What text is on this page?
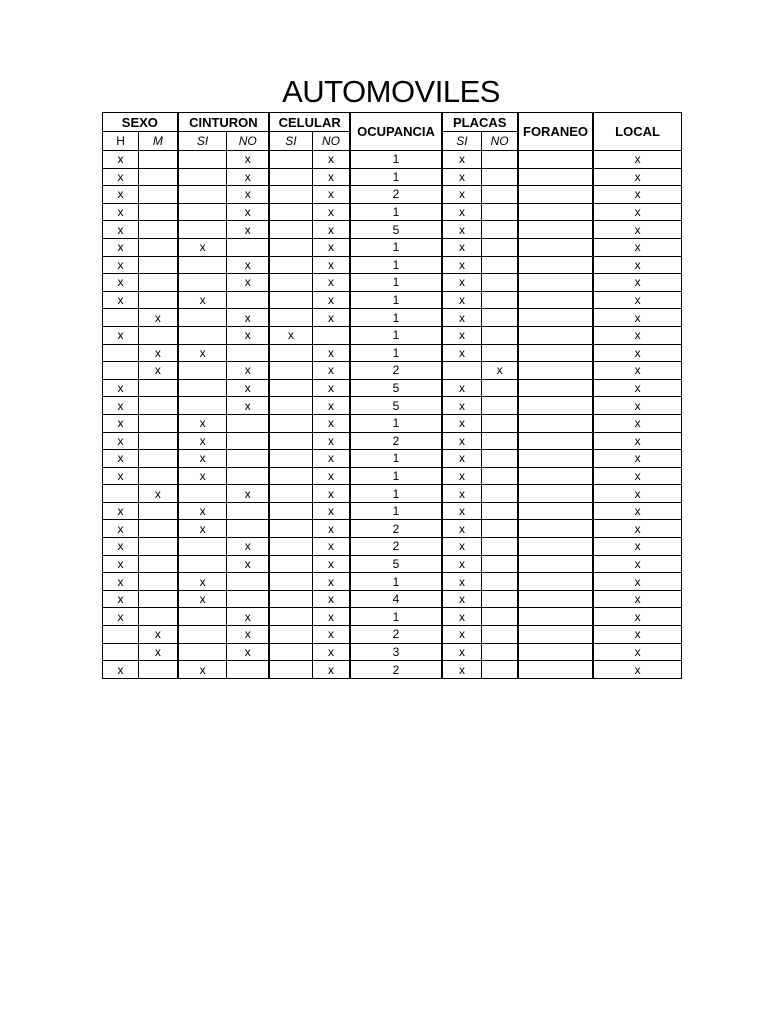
AUTOMOVILES
SEXO		CINTURON		CELULAR		OCUPANCIA	PLACAS		FORANEO	LOCAL
H	M	SI	NO	SI	NO		SI	NO		
x			x		x	1	x			x
x			x		x	1	x			x
x			x		x	2	x			x
x			x		x	1	x			x
x			x		x	5	x			x
x		x			x	1	x			x
x			x		x	1	x			x
x			x		x	1	x			x
x		x			x	1	x			x
	x		x		x	1	x			x
x			x	x		1	x			x
	x	x			x	1	x			x
	x		x		x	2		x		x
x			x		x	5	x			x
x			x		x	5	x			x
x		x			x	1	x			x
x		x			x	2	x			x
x		x			x	1	x			x
x		x			x	1	x			x
	x		x		x	1	x			x
x		x			x	1	x			x
x		x			x	2	x			x
x			x		x	2	x			x
x			x		x	5	x			x
x		x			x	1	x			x
x		x			x	4	x			x
x			x		x	1	x			x
	x		x		x	2	x			x
	x		x		x	3	x			x
x		x			x	2	x			x
